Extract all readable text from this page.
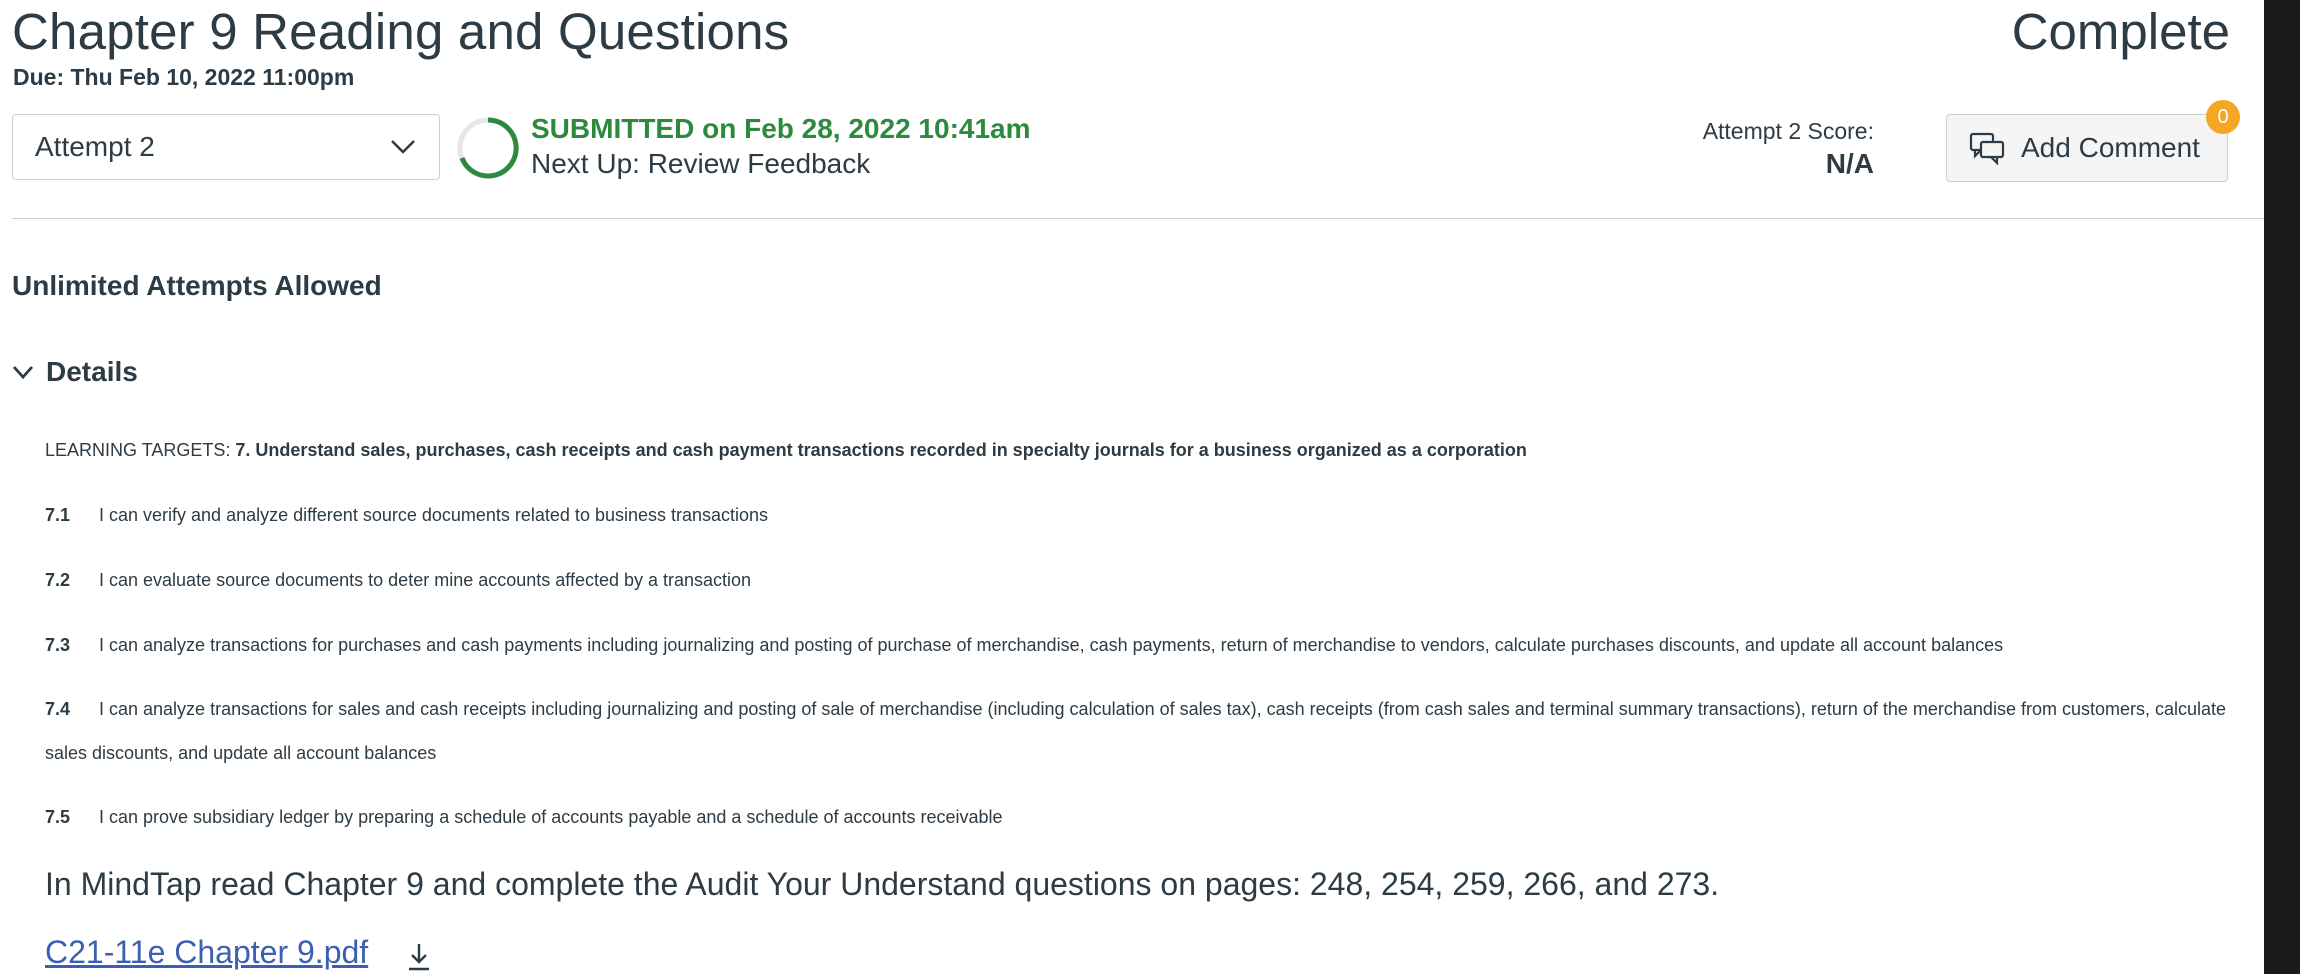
Chapter 9 Reading and Questions	Complete
Due: Thu Feb 10, 2022 11:00pm
Attempt 2
SUBMITTED on Feb 28, 2022 10:41am
Next Up: Review Feedback
Attempt 2 Score:
N/A
Add Comment
0
Unlimited Attempts Allowed
Details
LEARNING TARGETS: 7. Understand sales, purchases, cash receipts and cash payment transactions recorded in specialty journals for a business organized as a corporation
7.1 I can verify and analyze different source documents related to business transactions
7.2 I can evaluate source documents to deter mine accounts affected by a transaction
7.3 I can analyze transactions for purchases and cash payments including journalizing and posting of purchase of merchandise, cash payments, return of merchandise to vendors, calculate purchases discounts, and update all account balances
7.4 I can analyze transactions for sales and cash receipts including journalizing and posting of sale of merchandise (including calculation of sales tax), cash receipts (from cash sales and terminal summary transactions), return of the merchandise from customers, calculate sales discounts, and update all account balances
7.5 I can prove subsidiary ledger by preparing a schedule of accounts payable and a schedule of accounts receivable
In MindTap read Chapter 9 and complete the Audit Your Understand questions on pages: 248, 254, 259, 266, and 273.
C21-11e Chapter 9.pdf
